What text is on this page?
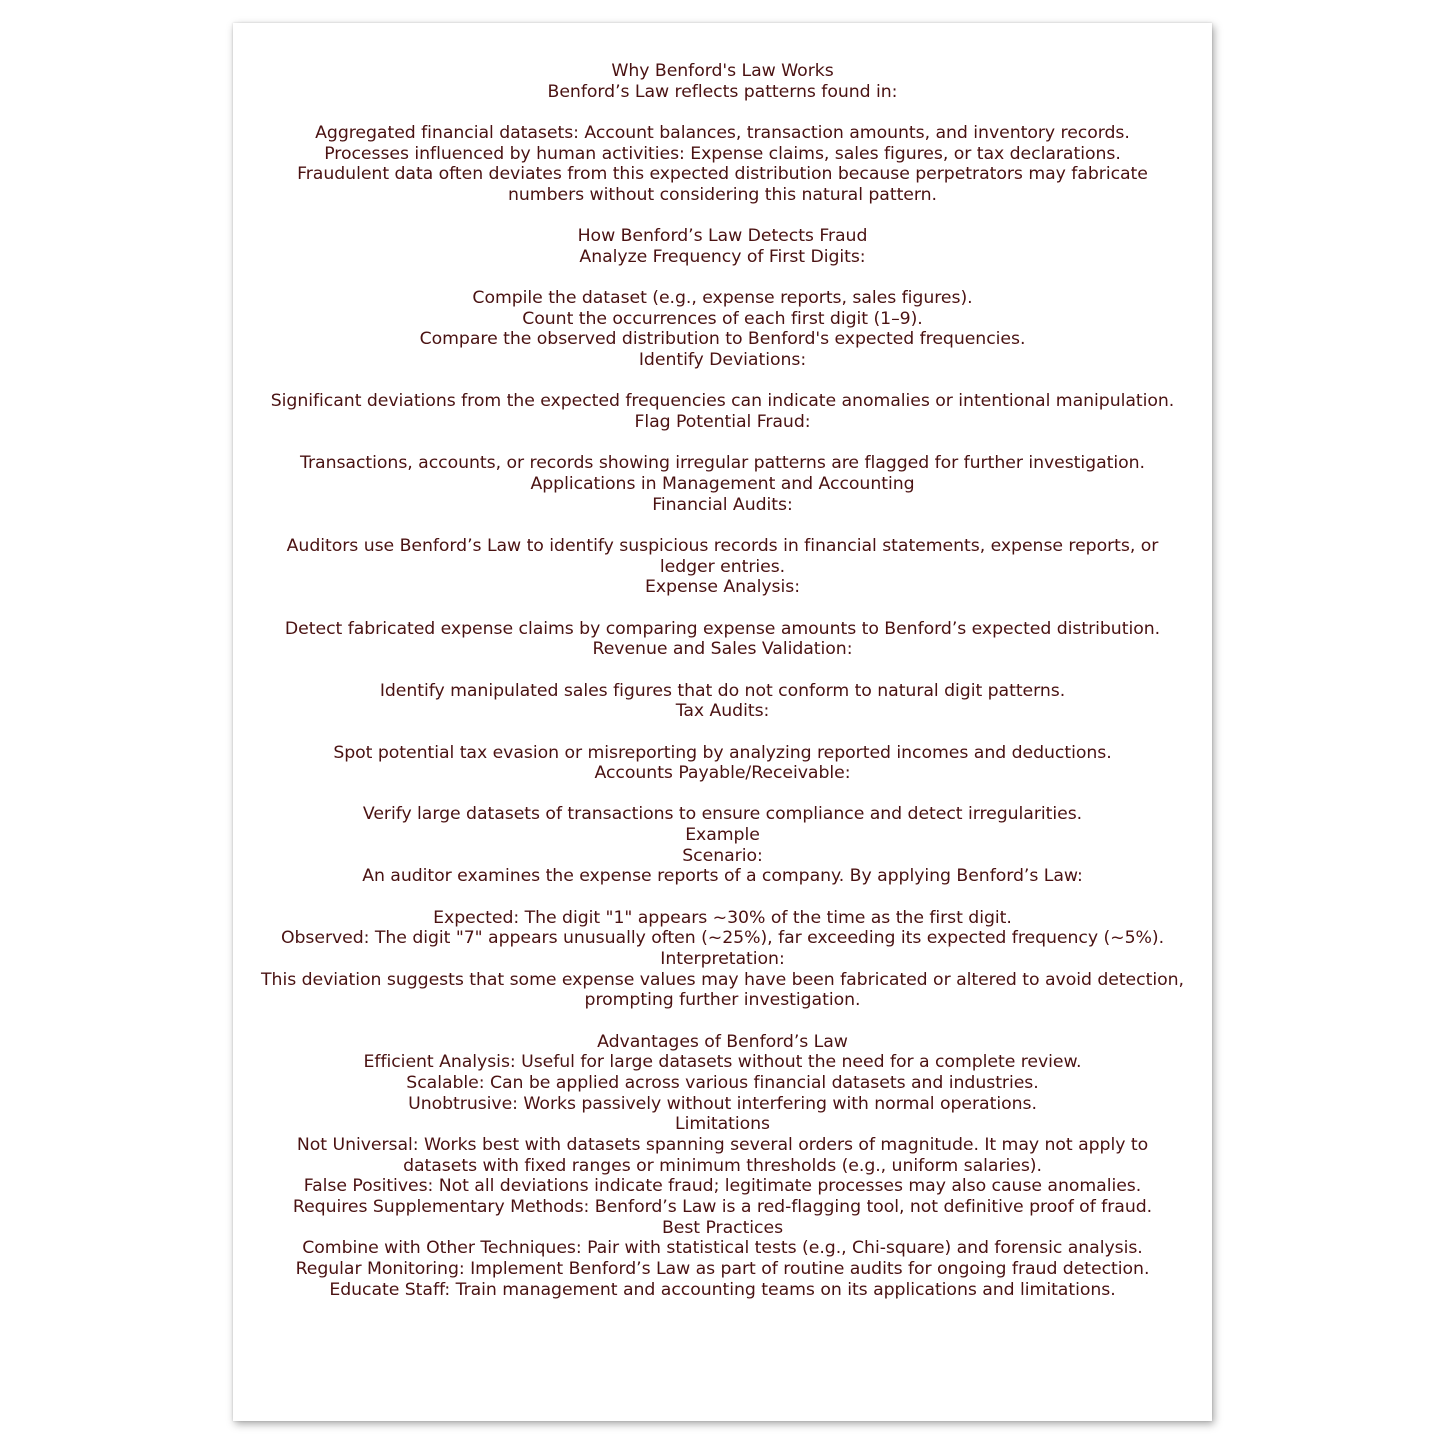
Why Benford's Law Works

Benford’s Law reflects patterns found in:

Aggregated financial datasets: Account balances, transaction amounts, and inventory records.

Processes influenced by human activities: Expense claims, sales figures, or tax declarations.

Fraudulent data often deviates from this expected distribution because perpetrators may fabricate numbers without considering this natural pattern.

How Benford’s Law Detects Fraud

Analyze Frequency of First Digits:

Compile the dataset (e.g., expense reports, sales figures).

Count the occurrences of each first digit (1–9).

Compare the observed distribution to Benford's expected frequencies.

Identify Deviations:

Significant deviations from the expected frequencies can indicate anomalies or intentional manipulation.

Flag Potential Fraud:

Transactions, accounts, or records showing irregular patterns are flagged for further investigation.

Applications in Management and Accounting

Financial Audits:

Auditors use Benford’s Law to identify suspicious records in financial statements, expense reports, or ledger entries.

Expense Analysis:

Detect fabricated expense claims by comparing expense amounts to Benford’s expected distribution.

Revenue and Sales Validation:

Identify manipulated sales figures that do not conform to natural digit patterns.

Tax Audits:

Spot potential tax evasion or misreporting by analyzing reported incomes and deductions.

Accounts Payable/Receivable:

Verify large datasets of transactions to ensure compliance and detect irregularities.

Example

Scenario:

An auditor examines the expense reports of a company. By applying Benford’s Law:

Expected: The digit "1" appears ~30% of the time as the first digit.

Observed: The digit "7" appears unusually often (~25%), far exceeding its expected frequency (~5%).

Interpretation:

This deviation suggests that some expense values may have been fabricated or altered to avoid detection, prompting further investigation.

Advantages of Benford’s Law

Efficient Analysis: Useful for large datasets without the need for a complete review.

Scalable: Can be applied across various financial datasets and industries.

Unobtrusive: Works passively without interfering with normal operations.

Limitations

Not Universal: Works best with datasets spanning several orders of magnitude. It may not apply to datasets with fixed ranges or minimum thresholds (e.g., uniform salaries).

False Positives: Not all deviations indicate fraud; legitimate processes may also cause anomalies.

Requires Supplementary Methods: Benford’s Law is a red-flagging tool, not definitive proof of fraud.

Best Practices

Combine with Other Techniques: Pair with statistical tests (e.g., Chi-square) and forensic analysis.

Regular Monitoring: Implement Benford’s Law as part of routine audits for ongoing fraud detection.

Educate Staff: Train management and accounting teams on its applications and limitations.
